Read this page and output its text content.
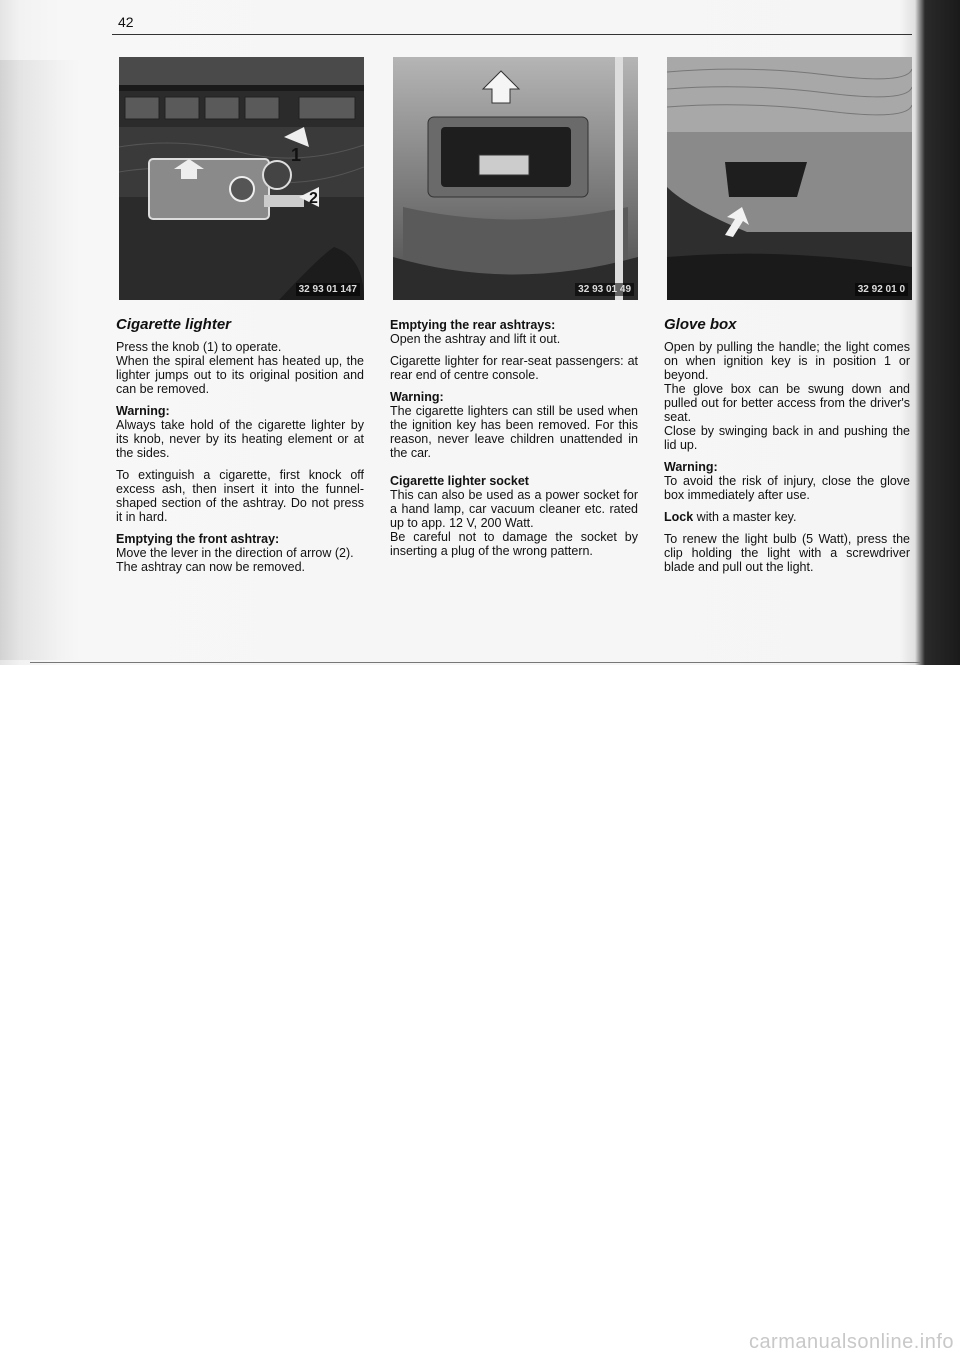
42
1
2
32 93 01 147	32 93 01 49	32 92 01 0
Cigarette lighter

Press the knob (1) to operate.
When the spiral element has heated up, the lighter jumps out to its original position and can be removed.

Warning:

Always take hold of the cigarette lighter by its knob, never by its heating element or at the sides.

To extinguish a cigarette, first knock off excess ash, then insert it into the funnel-shaped section of the ashtray. Do not press it in hard.

Emptying the front ashtray:

Move the lever in the direction of arrow (2).
The ashtray can now be removed.

Emptying the rear ashtrays:

Open the ashtray and lift it out.

Cigarette lighter for rear-seat passengers: at rear end of centre console.

Warning:

The cigarette lighters can still be used when the ignition key has been removed. For this reason, never leave children unattended in the car.

Cigarette lighter socket

This can also be used as a power socket for a hand lamp, car vacuum cleaner etc. rated up to app. 12 V, 200 Watt.
Be careful not to damage the socket by inserting a plug of the wrong pattern.

Glove box

Open by pulling the handle; the light comes on when ignition key is in position 1 or beyond.
The glove box can be swung down and pulled out for better access from the driver's seat.
Close by swinging back in and pushing the lid up.

Warning:

To avoid the risk of injury, close the glove box immediately after use.

Lock with a master key.

To renew the light bulb (5 Watt), press the clip holding the light with a screwdriver blade and pull out the light.

carmanualsonline.info
